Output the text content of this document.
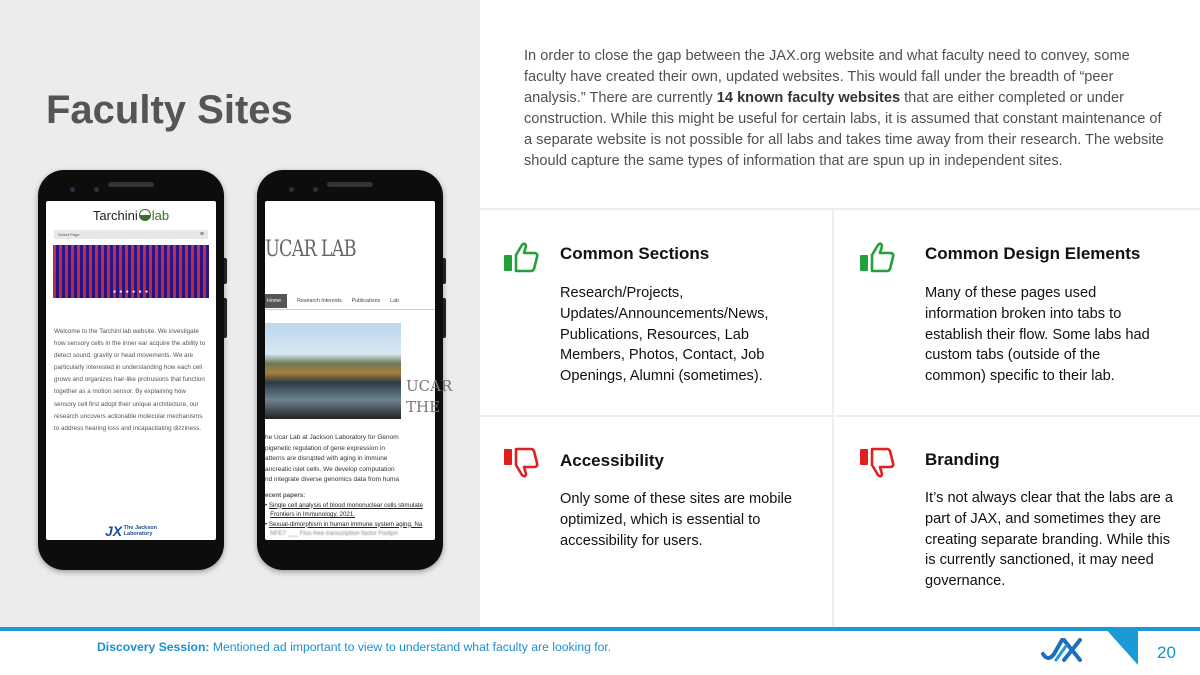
Faculty Sites
Tarchini lab
Select Page	≡
● ● ● ● ● ●
Welcome to the Tarchini lab website. We investigate how sensory cells in the inner ear acquire the ability to detect sound, gravity or head movements. We are particularly interested in understanding how each cell grows and organizes hair-like protrusions that function together as a motion sensor. By explaining how sensory cell first adopt their unique architecture, our research uncovers actionable molecular mechanisms to address hearing loss and incapacitating dizziness.
JX The Jackson
Laboratory
UCAR LAB
Home	Research Interests Publications Lab
UCAR
THE
he Ucar Lab at Jackson Laboratory for Genom
pigenetic regulation of gene expression in
atterns are disrupted with aging in immune
ancreatic islet cells. We develop computation
nd integrate diverse genomics data from huma
ecent papers:
• Single cell analysis of blood mononuclear cells stimulate
Frontiers in Immunology, 2021.
• Sexual-dimorphism in human immune system aging. Na
NFE7 ___ Flox-free transcription factor Footpri

In order to close the gap between the JAX.org website and what faculty need to convey, some faculty have created their own, updated websites. This would fall under the breadth of “peer analysis.” There are currently 14 known faculty websites that are either completed or under construction. While this might be useful for certain labs, it is assumed that constant maintenance of a separate website is not possible for all labs and takes time away from their research. The website should capture the same types of information that are spun up in independent sites.

Common Sections

Research/Projects, Updates/Announcements/News, Publications, Resources, Lab Members, Photos, Contact, Job Openings, Alumni (sometimes).

Common Design Elements

Many of these pages used information broken into tabs to establish their flow. Some labs had custom tabs (outside of the common) specific to their lab.

Accessibility

Only some of these sites are mobile optimized, which is essential to accessibility for users.

Branding

It’s not always clear that the labs are a part of JAX, and sometimes they are creating separate branding. While this is currently sanctioned, it may need governance.

Discovery Session: Mentioned ad important to view to understand what faculty are looking for.	20
